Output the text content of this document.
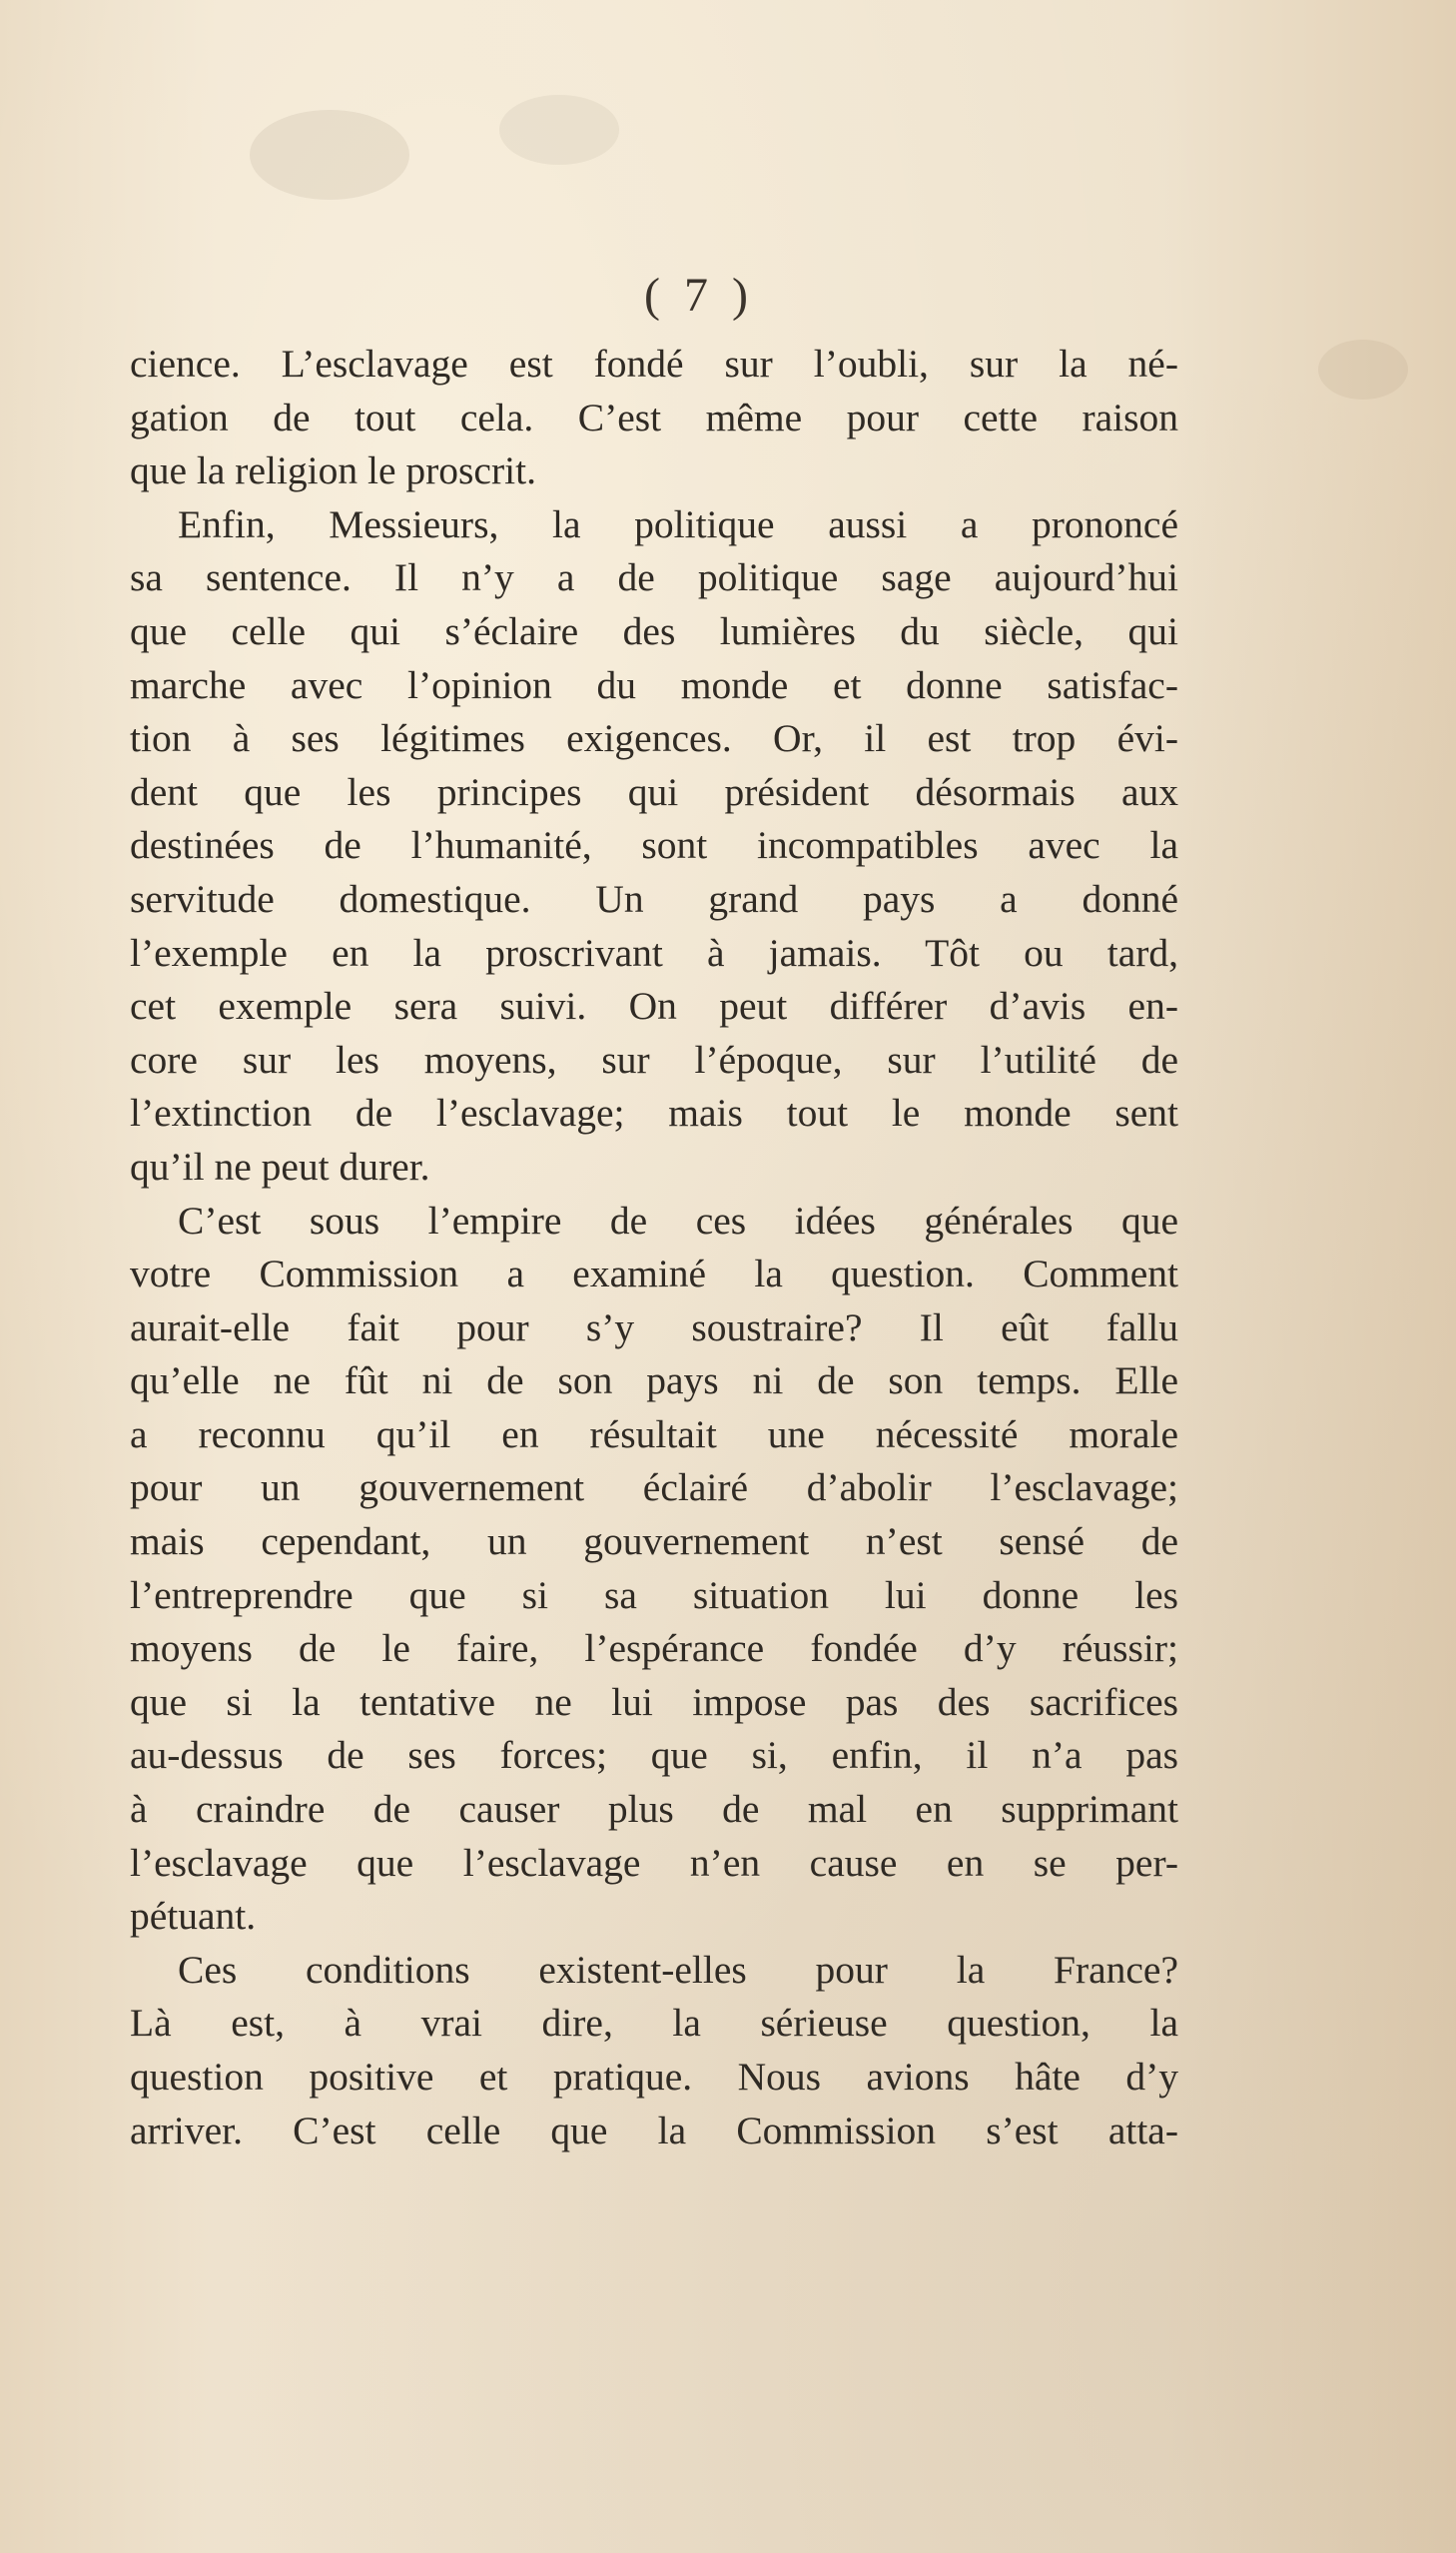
( 7 )
cience. L’esclavage est fondé sur l’oubli, sur la né-
gation de tout cela. C’est même pour cette raison
que la religion le proscrit.
Enfin, Messieurs, la politique aussi a prononcé
sa sentence. Il n’y a de politique sage aujourd’hui
que celle qui s’éclaire des lumières du siècle, qui
marche avec l’opinion du monde et donne satisfac-
tion à ses légitimes exigences. Or, il est trop évi-
dent que les principes qui président désormais aux
destinées de l’humanité, sont incompatibles avec la
servitude domestique. Un grand pays a donné
l’exemple en la proscrivant à jamais. Tôt ou tard,
cet exemple sera suivi. On peut différer d’avis en-
core sur les moyens, sur l’époque, sur l’utilité de
l’extinction de l’esclavage; mais tout le monde sent
qu’il ne peut durer.
C’est sous l’empire de ces idées générales que
votre Commission a examiné la question. Comment
aurait-elle fait pour s’y soustraire? Il eût fallu
qu’elle ne fût ni de son pays ni de son temps. Elle
a reconnu qu’il en résultait une nécessité morale
pour un gouvernement éclairé d’abolir l’esclavage;
mais cependant, un gouvernement n’est sensé de
l’entreprendre que si sa situation lui donne les
moyens de le faire, l’espérance fondée d’y réussir;
que si la tentative ne lui impose pas des sacrifices
au-dessus de ses forces; que si, enfin, il n’a pas
à craindre de causer plus de mal en supprimant
l’esclavage que l’esclavage n’en cause en se per-
pétuant.
Ces conditions existent-elles pour la France?
Là est, à vrai dire, la sérieuse question, la
question positive et pratique. Nous avions hâte d’y
arriver. C’est celle que la Commission s’est atta-
